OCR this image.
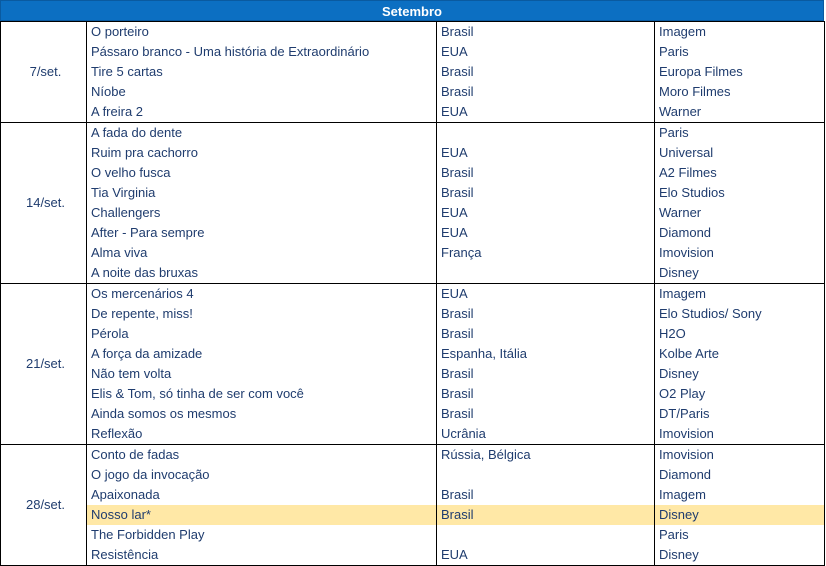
Setembro
7/set.	O porteiro	Brasil	Imagem
	Pássaro branco - Uma história de Extraordinário	EUA	Paris
	Tire 5 cartas	Brasil	Europa Filmes
	Níobe	Brasil	Moro Filmes
	A freira 2	EUA	Warner
14/set.	A fada do dente		Paris
	Ruim pra cachorro	EUA	Universal
	O velho fusca	Brasil	A2 Filmes
	Tia Virginia	Brasil	Elo Studios
	Challengers	EUA	Warner
	After - Para sempre	EUA	Diamond
	Alma viva	França	Imovision
	A noite das bruxas		Disney
21/set.	Os mercenários 4	EUA	Imagem
	De repente, miss!	Brasil	Elo Studios/ Sony
	Pérola	Brasil	H2O
	A força da amizade	Espanha, Itália	Kolbe Arte
	Não tem volta	Brasil	Disney
	Elis & Tom, só tinha de ser com você	Brasil	O2 Play
	Ainda somos os mesmos	Brasil	DT/Paris
	Reflexão	Ucrânia	Imovision
28/set.	Conto de fadas	Rússia, Bélgica	Imovision
	O jogo da invocação		Diamond
	Apaixonada	Brasil	Imagem
	Nosso lar*	Brasil	Disney
	The Forbidden Play		Paris
	Resistência	EUA	Disney
